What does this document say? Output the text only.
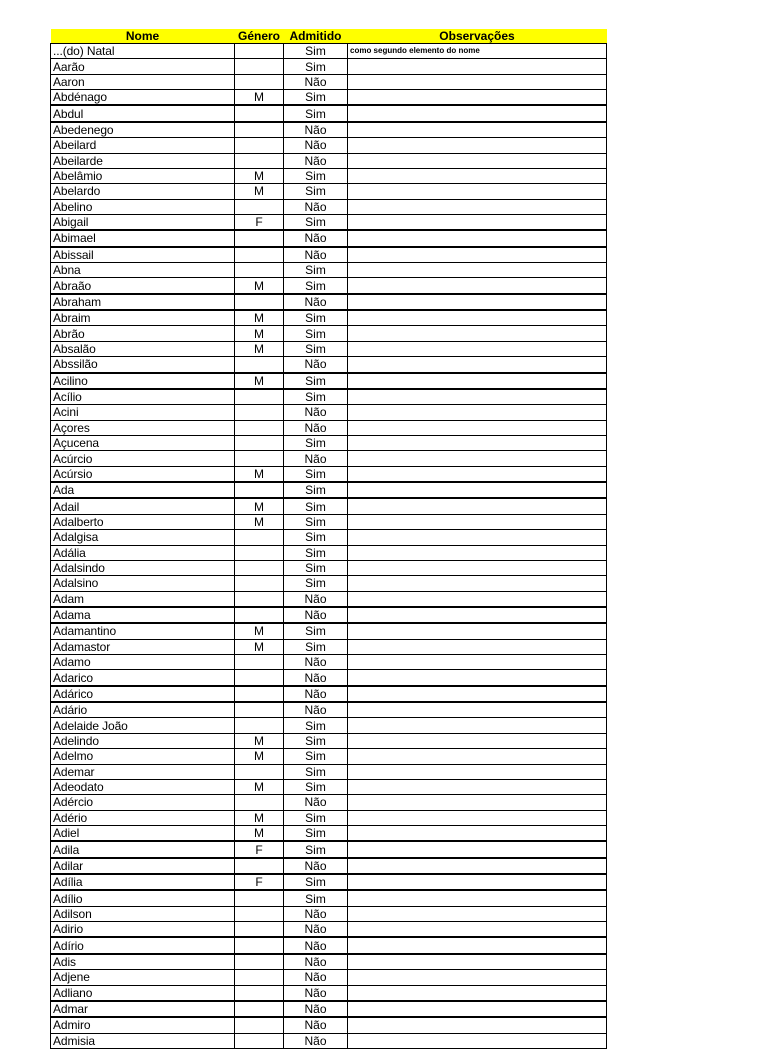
Nome	Género	Admitido	Observações
...(do) Natal		Sim	como segundo elemento do nome
Aarão		Sim	
Aaron		Não	
Abdénago	M	Sim	
Abdul		Sim	
Abedenego		Não	
Abeilard		Não	
Abeilarde		Não	
Abelâmio	M	Sim	
Abelardo	M	Sim	
Abelino		Não	
Abigail	F	Sim	
Abimael		Não	
Abissail		Não	
Abna		Sim	
Abraão	M	Sim	
Abraham		Não	
Abraim	M	Sim	
Abrão	M	Sim	
Absalão	M	Sim	
Abssilão		Não	
Acilino	M	Sim	
Acílio		Sim	
Acini		Não	
Açores		Não	
Açucena		Sim	
Acúrcio		Não	
Acúrsio	M	Sim	
Ada		Sim	
Adail	M	Sim	
Adalberto	M	Sim	
Adalgisa		Sim	
Adália		Sim	
Adalsindo		Sim	
Adalsino		Sim	
Adam		Não	
Adama		Não	
Adamantino	M	Sim	
Adamastor	M	Sim	
Adamo		Não	
Adarico		Não	
Adárico		Não	
Adário		Não	
Adelaide João		Sim	
Adelindo	M	Sim	
Adelmo	M	Sim	
Ademar		Sim	
Adeodato	M	Sim	
Adércio		Não	
Adério	M	Sim	
Adiel	M	Sim	
Adila	F	Sim	
Adilar		Não	
Adília	F	Sim	
Adílio		Sim	
Adilson		Não	
Adirio		Não	
Adírio		Não	
Adis		Não	
Adjene		Não	
Adliano		Não	
Admar		Não	
Admiro		Não	
Admisia		Não	
